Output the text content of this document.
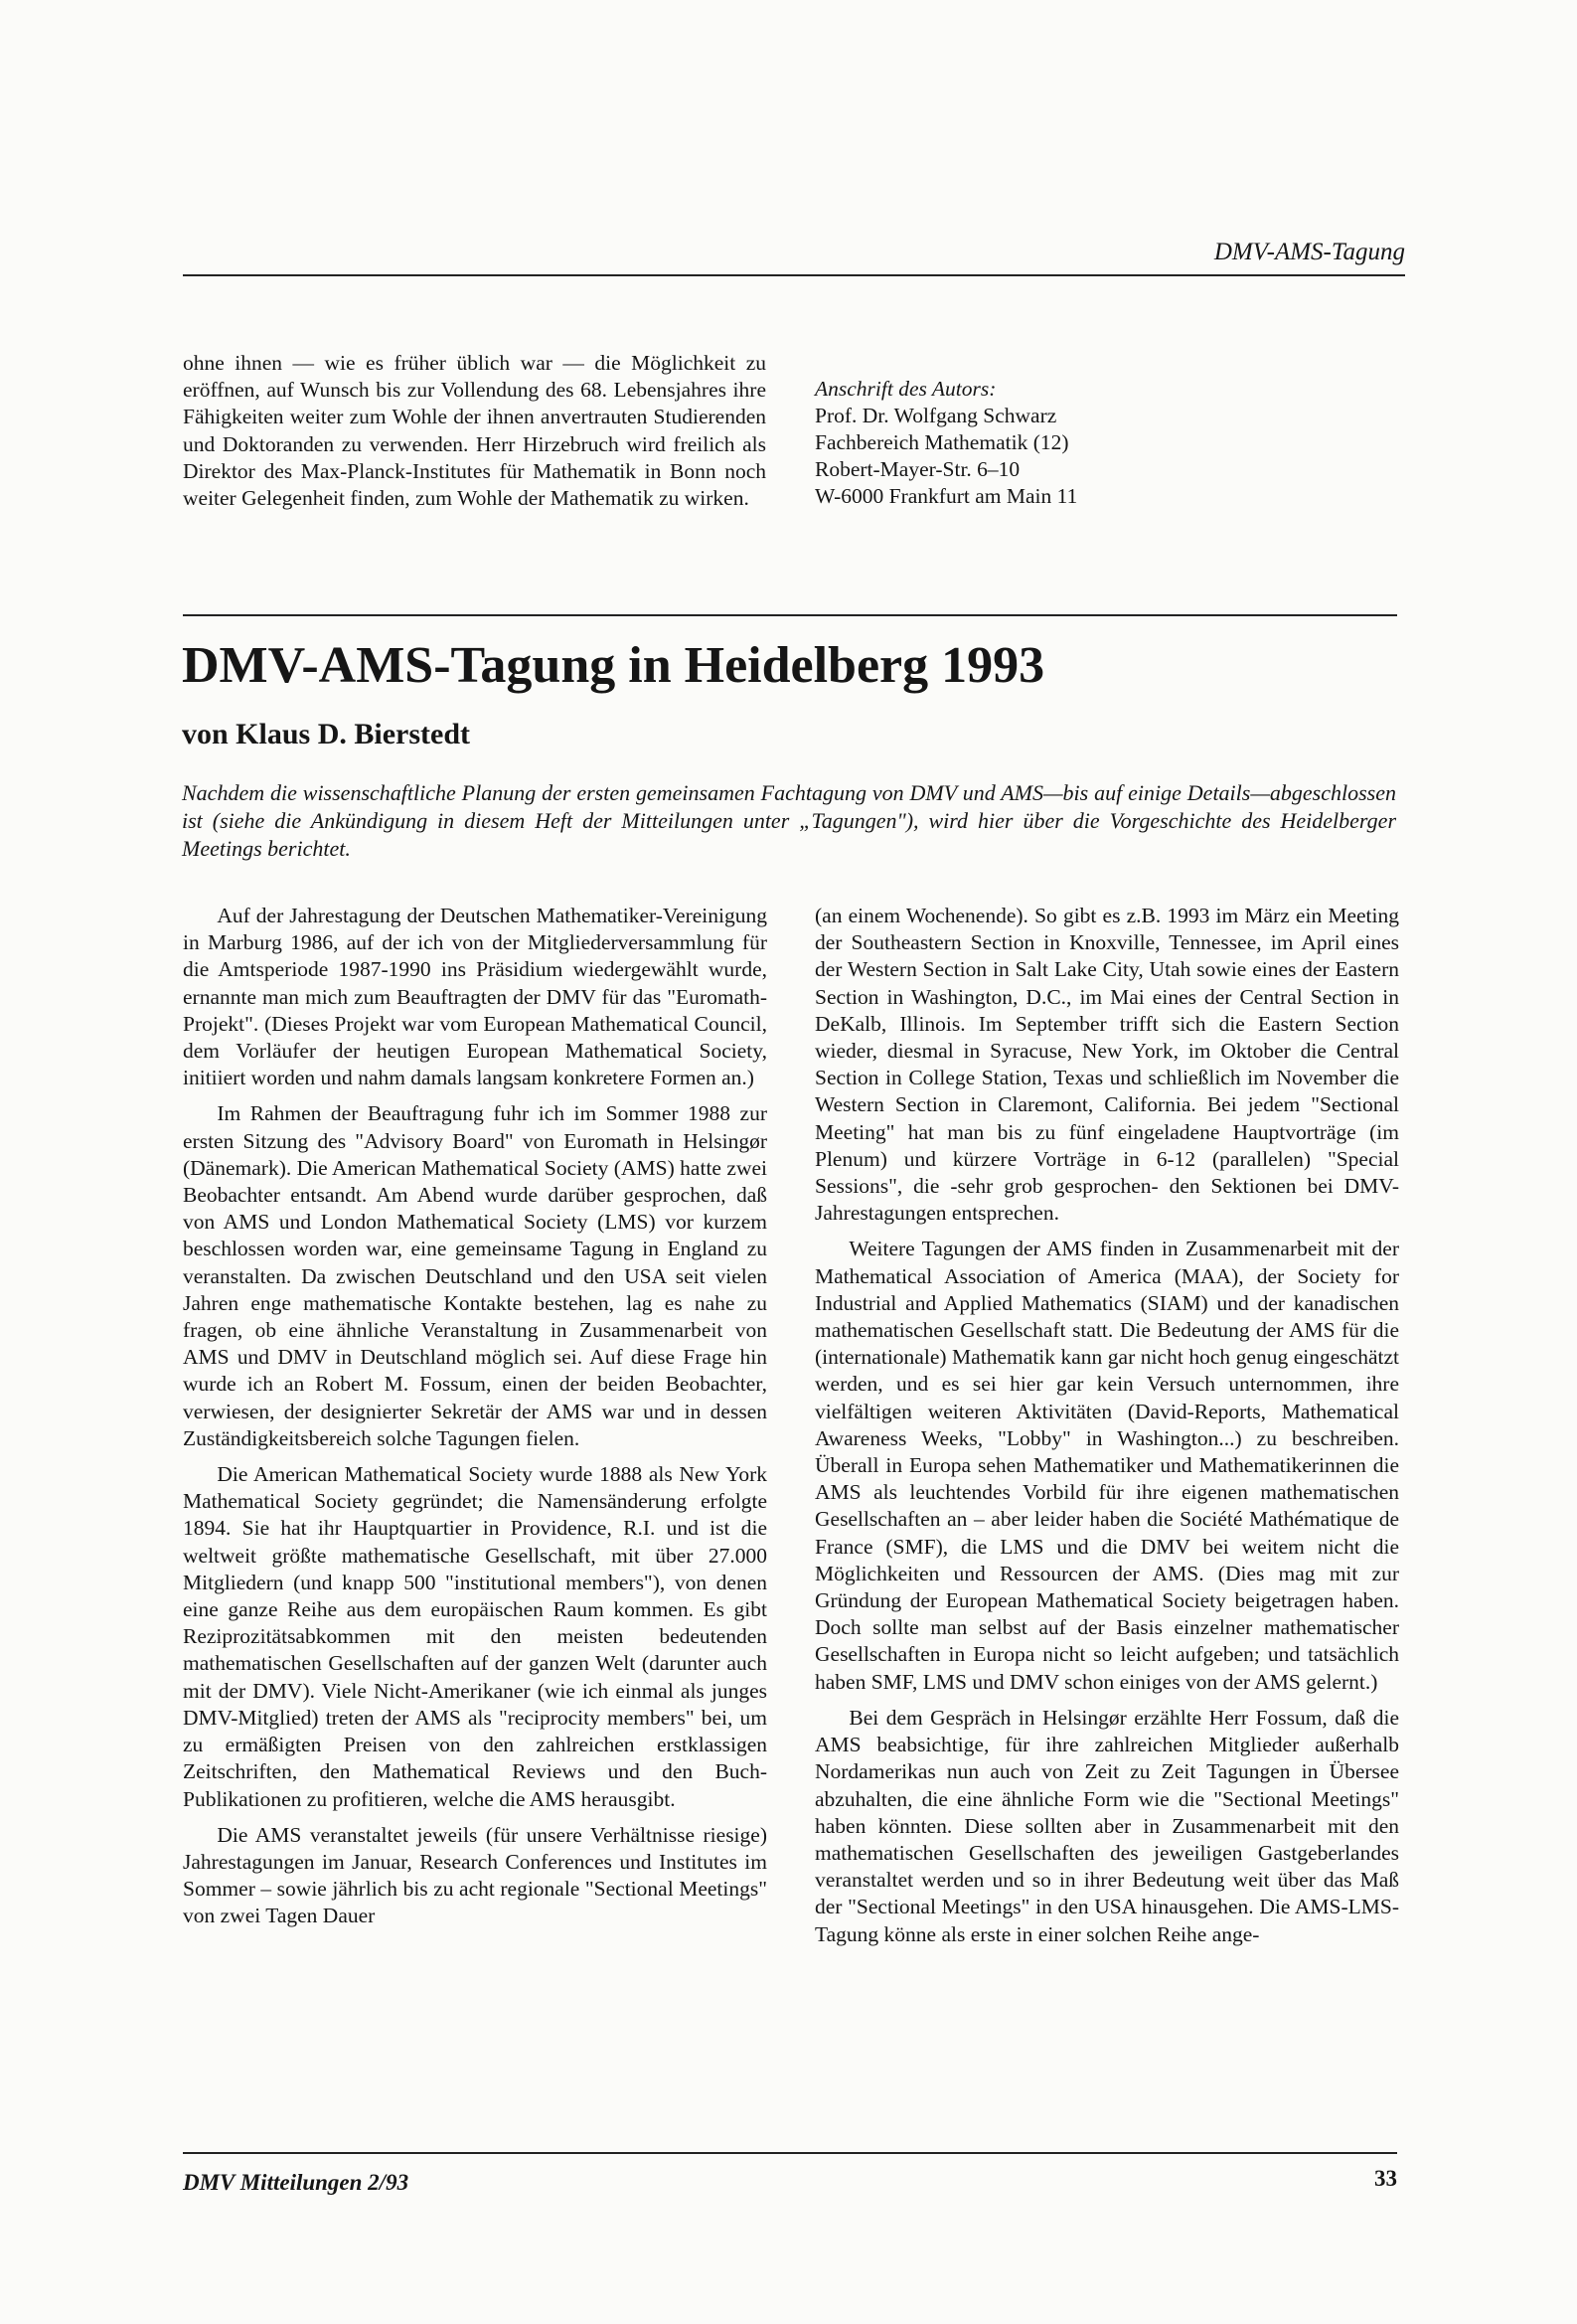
DMV-AMS-Tagung

ohne ihnen — wie es früher üblich war — die Möglichkeit zu eröffnen, auf Wunsch bis zur Vollendung des 68. Lebensjahres ihre Fähigkeiten weiter zum Wohle der ihnen anvertrauten Studierenden und Doktoranden zu verwenden. Herr Hirzebruch wird freilich als Direktor des Max-Planck-Institutes für Mathematik in Bonn noch weiter Gelegenheit finden, zum Wohle der Mathematik zu wirken.

Anschrift des Autors:
Prof. Dr. Wolfgang Schwarz
Fachbereich Mathematik (12)
Robert-Mayer-Str. 6–10
W-6000 Frankfurt am Main 11
DMV-AMS-Tagung in Heidelberg 1993
von Klaus D. Bierstedt
Nachdem die wissenschaftliche Planung der ersten gemeinsamen Fachtagung von DMV und AMS—bis auf einige Details—abgeschlossen ist (siehe die Ankündigung in diesem Heft der Mitteilungen unter „Tagungen"), wird hier über die Vorgeschichte des Heidelberger Meetings berichtet.

Auf der Jahrestagung der Deutschen Mathematiker-Vereinigung in Marburg 1986, auf der ich von der Mitgliederversammlung für die Amtsperiode 1987-1990 ins Präsidium wiedergewählt wurde, ernannte man mich zum Beauftragten der DMV für das "Euromath-Projekt". (Dieses Projekt war vom European Mathematical Council, dem Vorläufer der heutigen European Mathematical Society, initiiert worden und nahm damals langsam konkretere Formen an.)

Im Rahmen der Beauftragung fuhr ich im Sommer 1988 zur ersten Sitzung des "Advisory Board" von Euromath in Helsingør (Dänemark). Die American Mathematical Society (AMS) hatte zwei Beobachter entsandt. Am Abend wurde darüber gesprochen, daß von AMS und London Mathematical Society (LMS) vor kurzem beschlossen worden war, eine gemeinsame Tagung in England zu veranstalten. Da zwischen Deutschland und den USA seit vielen Jahren enge mathematische Kontakte bestehen, lag es nahe zu fragen, ob eine ähnliche Veranstaltung in Zusammenarbeit von AMS und DMV in Deutschland möglich sei. Auf diese Frage hin wurde ich an Robert M. Fossum, einen der beiden Beobachter, verwiesen, der designierter Sekretär der AMS war und in dessen Zuständigkeitsbereich solche Tagungen fielen.

Die American Mathematical Society wurde 1888 als New York Mathematical Society gegründet; die Namensänderung erfolgte 1894. Sie hat ihr Hauptquartier in Providence, R.I. und ist die weltweit größte mathematische Gesellschaft, mit über 27.000 Mitgliedern (und knapp 500 "institutional members"), von denen eine ganze Reihe aus dem europäischen Raum kommen. Es gibt Reziprozitätsabkommen mit den meisten bedeutenden mathematischen Gesellschaften auf der ganzen Welt (darunter auch mit der DMV). Viele Nicht-Amerikaner (wie ich einmal als junges DMV-Mitglied) treten der AMS als "reciprocity members" bei, um zu ermäßigten Preisen von den zahlreichen erstklassigen Zeitschriften, den Mathematical Reviews und den Buch-Publikationen zu profitieren, welche die AMS herausgibt.

Die AMS veranstaltet jeweils (für unsere Verhältnisse riesige) Jahrestagungen im Januar, Research Conferences und Institutes im Sommer – sowie jährlich bis zu acht regionale "Sectional Meetings" von zwei Tagen Dauer

(an einem Wochenende). So gibt es z.B. 1993 im März ein Meeting der Southeastern Section in Knoxville, Tennessee, im April eines der Western Section in Salt Lake City, Utah sowie eines der Eastern Section in Washington, D.C., im Mai eines der Central Section in DeKalb, Illinois. Im September trifft sich die Eastern Section wieder, diesmal in Syracuse, New York, im Oktober die Central Section in College Station, Texas und schließlich im November die Western Section in Claremont, California. Bei jedem "Sectional Meeting" hat man bis zu fünf eingeladene Hauptvorträge (im Plenum) und kürzere Vorträge in 6-12 (parallelen) "Special Sessions", die -sehr grob gesprochen- den Sektionen bei DMV-Jahrestagungen entsprechen.

Weitere Tagungen der AMS finden in Zusammenarbeit mit der Mathematical Association of America (MAA), der Society for Industrial and Applied Mathematics (SIAM) und der kanadischen mathematischen Gesellschaft statt. Die Bedeutung der AMS für die (internationale) Mathematik kann gar nicht hoch genug eingeschätzt werden, und es sei hier gar kein Versuch unternommen, ihre vielfältigen weiteren Aktivitäten (David-Reports, Mathematical Awareness Weeks, "Lobby" in Washington...) zu beschreiben. Überall in Europa sehen Mathematiker und Mathematikerinnen die AMS als leuchtendes Vorbild für ihre eigenen mathematischen Gesellschaften an – aber leider haben die Société Mathématique de France (SMF), die LMS und die DMV bei weitem nicht die Möglichkeiten und Ressourcen der AMS. (Dies mag mit zur Gründung der European Mathematical Society beigetragen haben. Doch sollte man selbst auf der Basis einzelner mathematischer Gesellschaften in Europa nicht so leicht aufgeben; und tatsächlich haben SMF, LMS und DMV schon einiges von der AMS gelernt.)

Bei dem Gespräch in Helsingør erzählte Herr Fossum, daß die AMS beabsichtige, für ihre zahlreichen Mitglieder außerhalb Nordamerikas nun auch von Zeit zu Zeit Tagungen in Übersee abzuhalten, die eine ähnliche Form wie die "Sectional Meetings" haben könnten. Diese sollten aber in Zusammenarbeit mit den mathematischen Gesellschaften des jeweiligen Gastgeberlandes veranstaltet werden und so in ihrer Bedeutung weit über das Maß der "Sectional Meetings" in den USA hinausgehen. Die AMS-LMS-Tagung könne als erste in einer solchen Reihe ange-

DMV Mitteilungen 2/93	33
